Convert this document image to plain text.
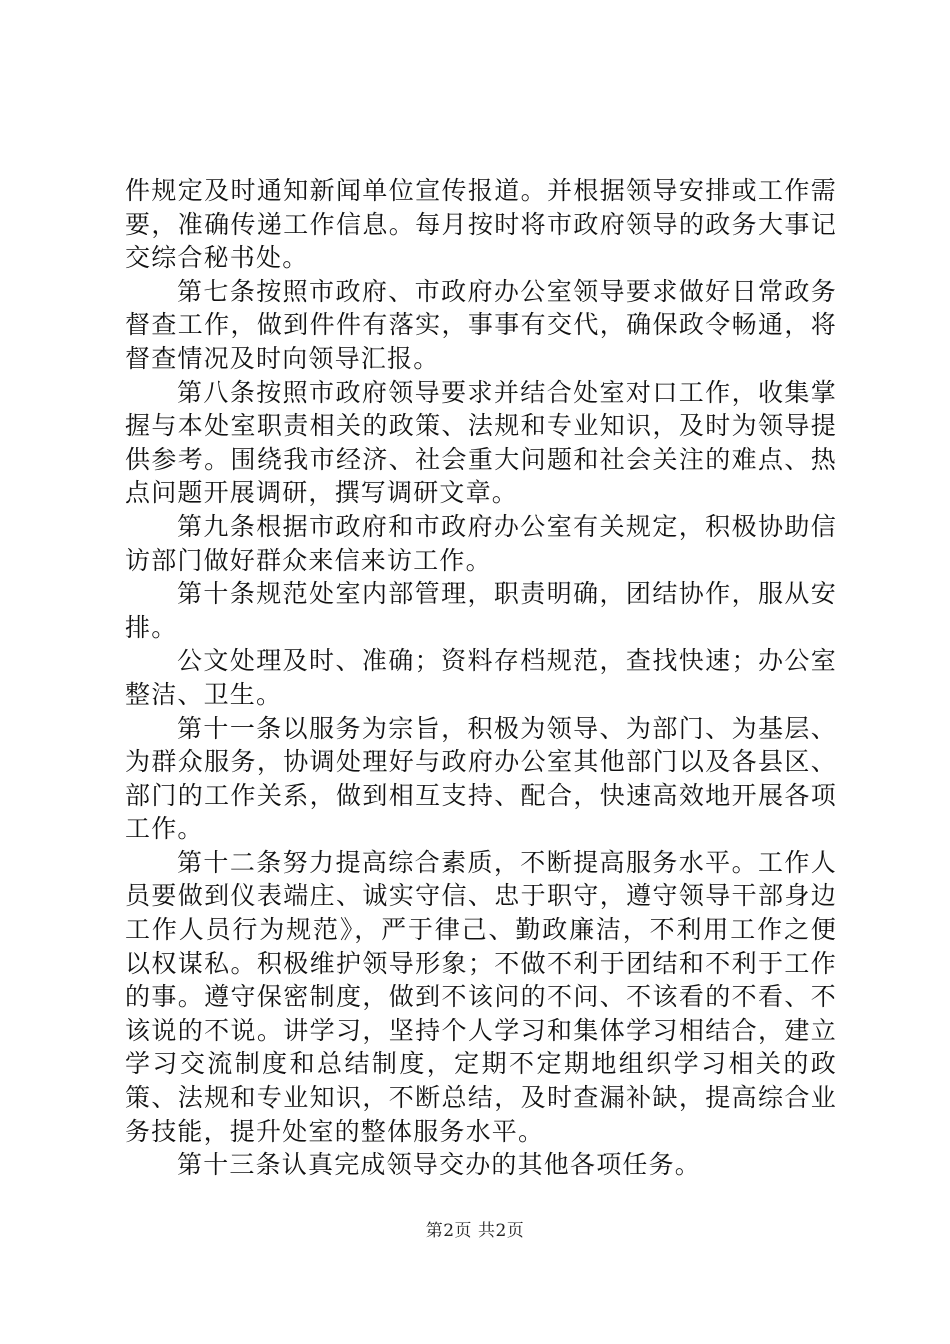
件规定及时通知新闻单位宣传报道。并根据领导安排或工作需要，准确传递工作信息。每月按时将市政府领导的政务大事记交综合秘书处。

第七条按照市政府、市政府办公室领导要求做好日常政务督查工作，做到件件有落实，事事有交代，确保政令畅通，将督查情况及时向领导汇报。

第八条按照市政府领导要求并结合处室对口工作，收集掌握与本处室职责相关的政策、法规和专业知识，及时为领导提供参考。围绕我市经济、社会重大问题和社会关注的难点、热点问题开展调研，撰写调研文章。

第九条根据市政府和市政府办公室有关规定，积极协助信访部门做好群众来信来访工作。

第十条规范处室内部管理，职责明确，团结协作，服从安排。

公文处理及时、准确；资料存档规范，查找快速；办公室整洁、卫生。

第十一条以服务为宗旨，积极为领导、为部门、为基层、为群众服务，协调处理好与政府办公室其他部门以及各县区、部门的工作关系，做到相互支持、配合，快速高效地开展各项工作。

第十二条努力提高综合素质，不断提高服务水平。工作人员要做到仪表端庄、诚实守信、忠于职守，遵守领导干部身边工作人员行为规范》，严于律己、勤政廉洁，不利用工作之便以权谋私。积极维护领导形象；不做不利于团结和不利于工作的事。遵守保密制度，做到不该问的不问、不该看的不看、不该说的不说。讲学习，坚持个人学习和集体学习相结合，建立学习交流制度和总结制度，定期不定期地组织学习相关的政策、法规和专业知识，不断总结，及时查漏补缺，提高综合业务技能，提升处室的整体服务水平。

第十三条认真完成领导交办的其他各项任务。

第2页 共2页
